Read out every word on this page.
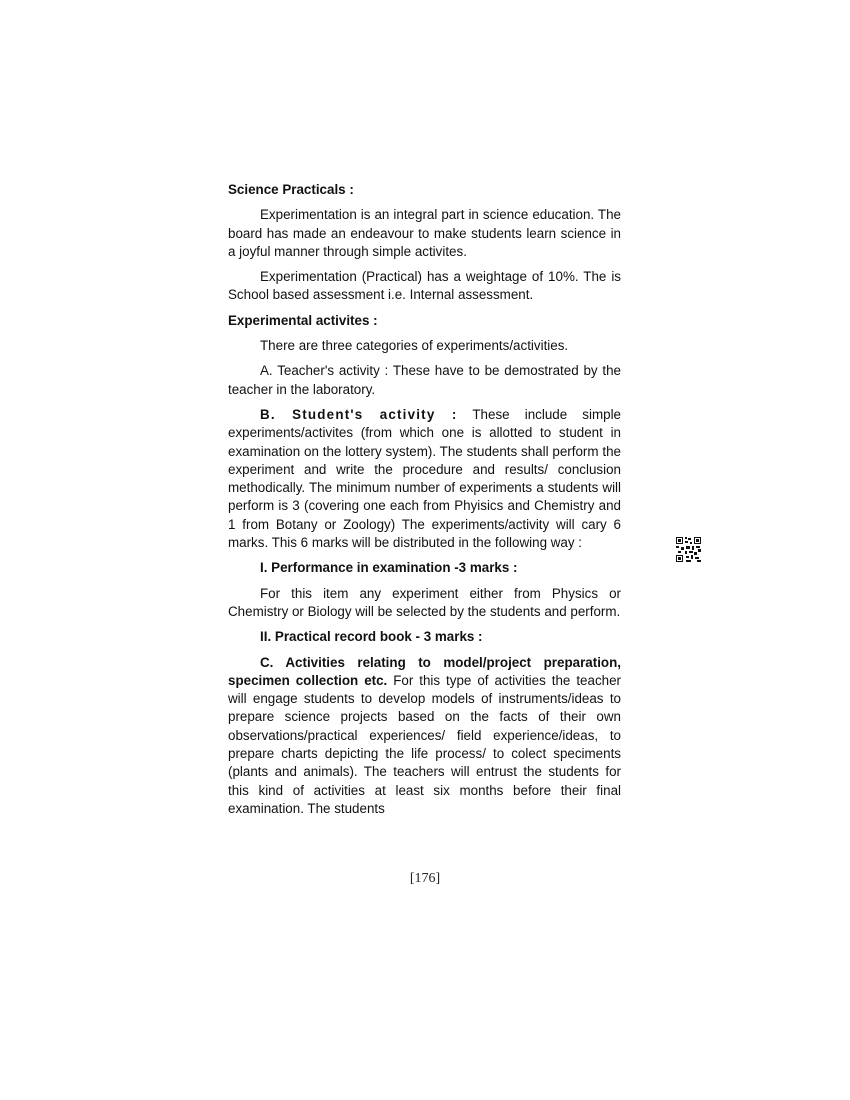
Science Practicals :

Experimentation is an integral part in science education. The board has made an endeavour to make students learn science in a joyful manner through simple activites.

Experimentation (Practical) has a weightage of 10%. The is School based assessment i.e. Internal assessment.

Experimental activites :

There are three categories of experiments/activities.

A. Teacher's activity : These have to be demostrated by the teacher in the laboratory.

B. Student's activity : These include simple experiments/activites (from which one is allotted to student in examination on the lottery system). The students shall perform the experiment and write the procedure and results/ conclusion methodically. The minimum number of experiments a students will perform is 3 (covering one each from Phyisics and Chemistry and 1 from Botany or Zoology) The experiments/activity will cary 6 marks. This 6 marks will be distributed in the following way :

I. Performance in examination -3 marks :

For this item any experiment either from Physics or Chemistry or Biology will be selected by the students and perform.

II. Practical record book - 3 marks :

C. Activities relating to model/project preparation, specimen collection etc. For this type of activities the teacher will engage students to develop models of instruments/ideas to prepare science projects based on the facts of their own observations/practical experiences/ field experience/ideas, to prepare charts depicting the life process/ to colect speciments (plants and animals). The teachers will entrust the students for this kind of activities at least six months before their final examination. The students

[176]
